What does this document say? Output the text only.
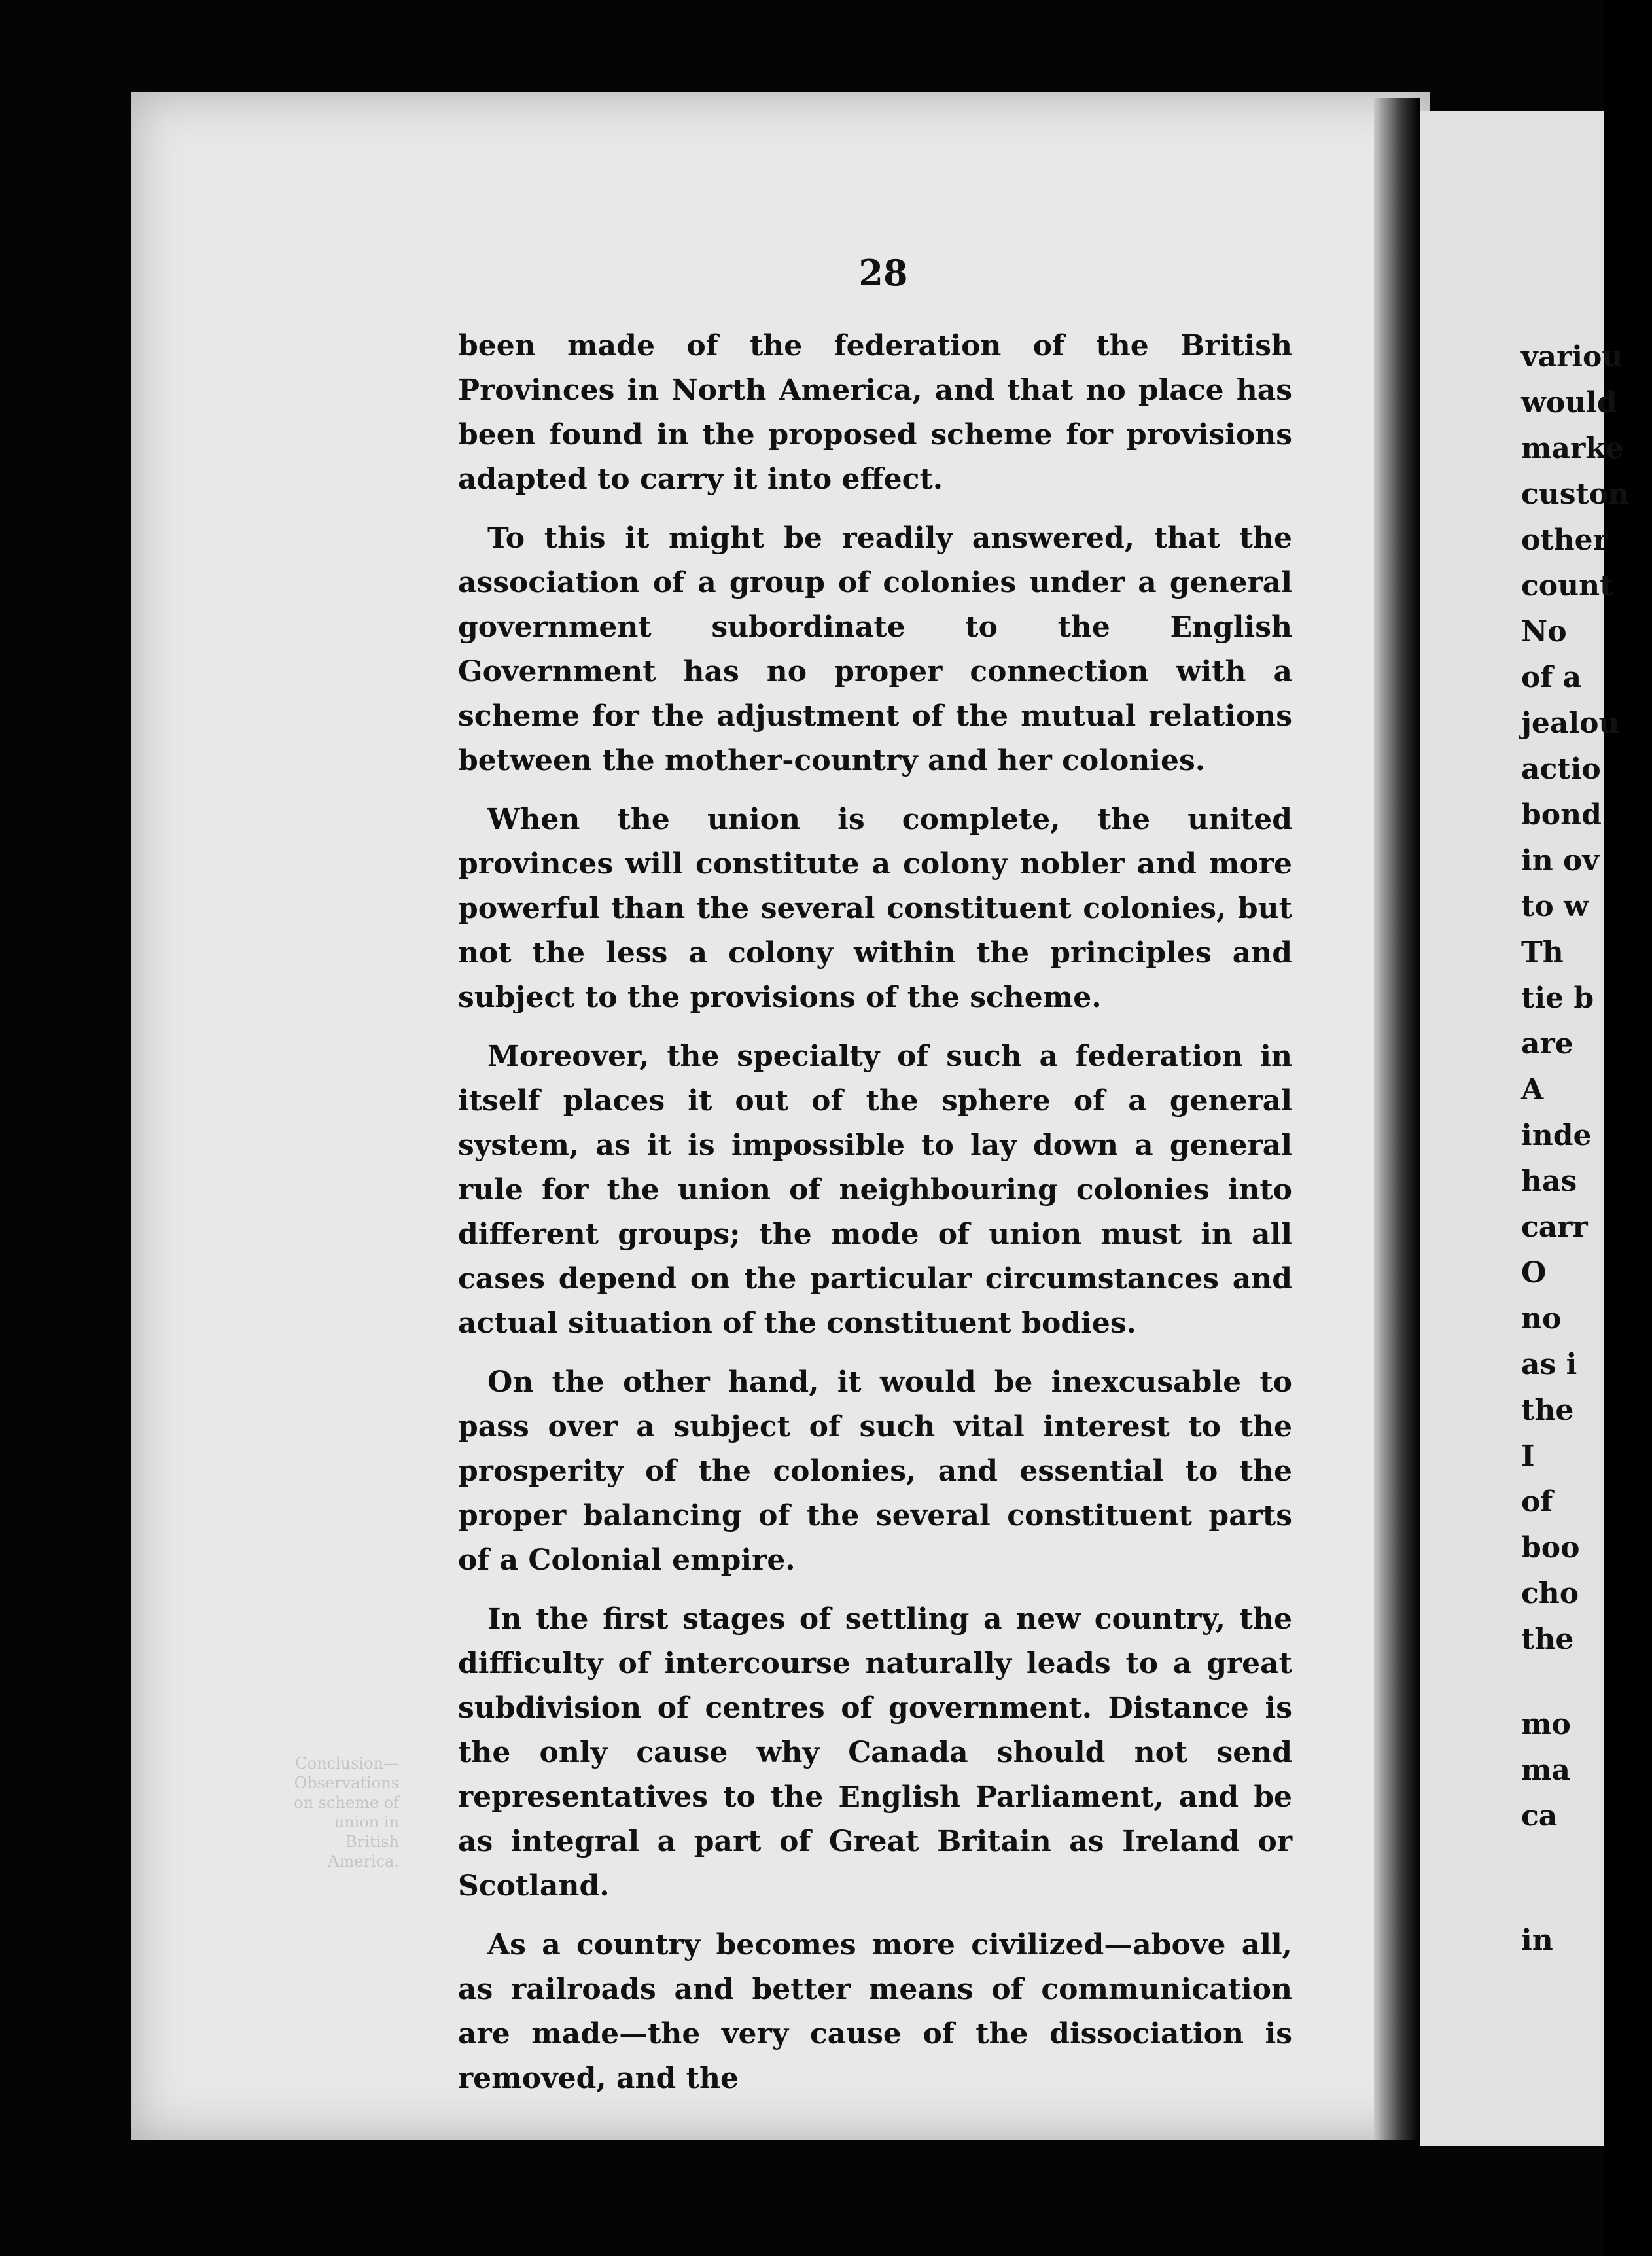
28

been made of the federation of the British Provinces in North America, and that no place has been found in the proposed scheme for provisions adapted to carry it into effect.

To this it might be readily answered, that the association of a group of colonies under a general government subordinate to the English Government has no proper connection with a scheme for the adjustment of the mutual relations between the mother-country and her colonies.

When the union is complete, the united provinces will constitute a colony nobler and more powerful than the several constituent colonies, but not the less a colony within the principles and subject to the provisions of the scheme.

Moreover, the specialty of such a federation in itself places it out of the sphere of a general system, as it is impossible to lay down a general rule for the union of neighbouring colonies into different groups; the mode of union must in all cases depend on the particular circumstances and actual situation of the constituent bodies.

On the other hand, it would be inexcusable to pass over a subject of such vital interest to the prosperity of the colonies, and essential to the proper balancing of the several constituent parts of a Colonial empire.

In the first stages of settling a new country, the difficulty of intercourse naturally leads to a great subdivision of centres of government. Distance is the only cause why Canada should not send representatives to the English Parliament, and be as integral a part of Great Britain as Ireland or Scotland.

As a country becomes more civilized—above all, as railroads and better means of communication are made—the very cause of the dissociation is removed, and the

Conclusion—
Observations
on scheme of
union in
British
America.
variou
would
marke
custon
other
count
No
of a
jealou
actio
bond
in ov
to w
Th
tie b
are
A
inde
has
carr
O
no
as i
the
I
of
boo
cho
the
mo
ma
ca
in
